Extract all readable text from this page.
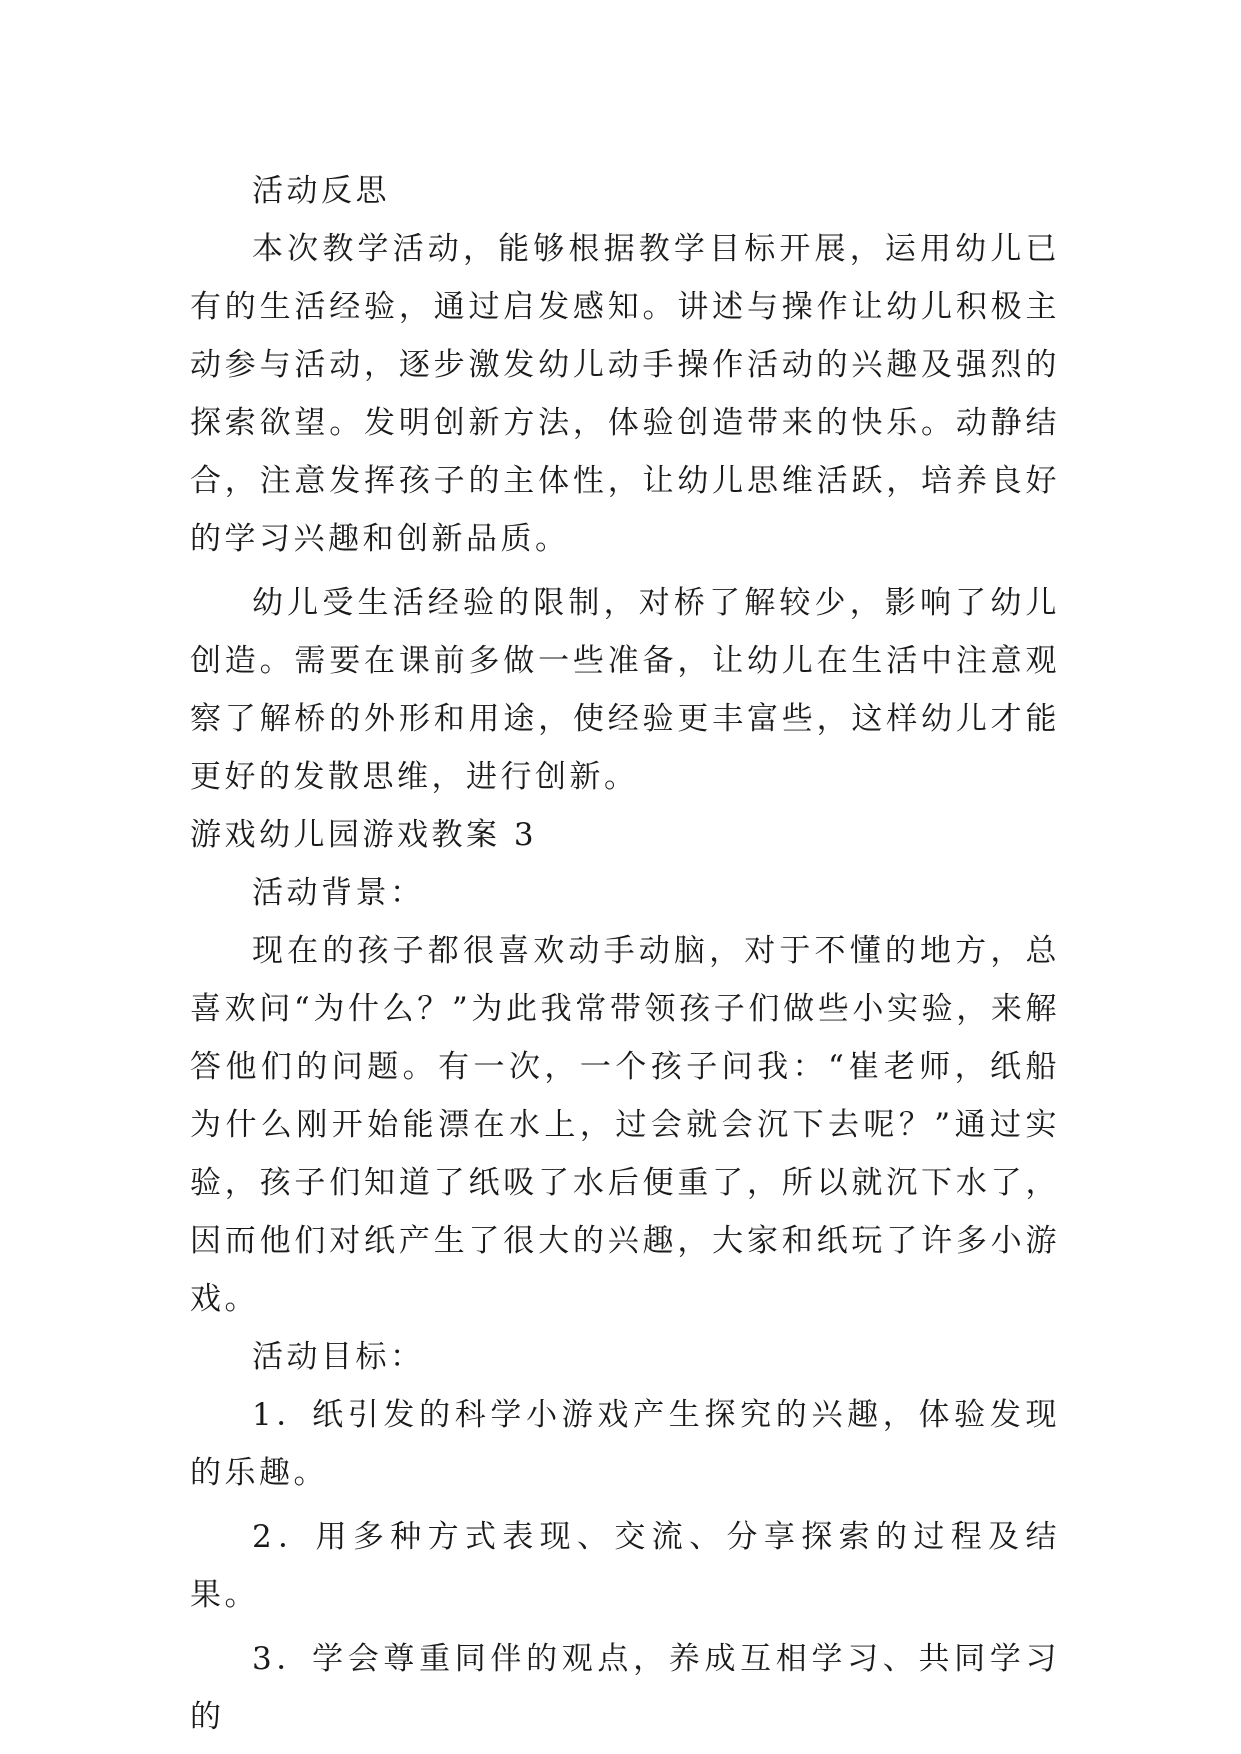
活动反思

本次教学活动，能够根据教学目标开展，运用幼儿已有的生活经验，通过启发感知。讲述与操作让幼儿积极主动参与活动，逐步激发幼儿动手操作活动的兴趣及强烈的探索欲望。发明创新方法，体验创造带来的快乐。动静结合，注意发挥孩子的主体性，让幼儿思维活跃，培养良好的学习兴趣和创新品质。

幼儿受生活经验的限制，对桥了解较少，影响了幼儿创造。需要在课前多做一些准备，让幼儿在生活中注意观察了解桥的外形和用途，使经验更丰富些，这样幼儿才能更好的发散思维，进行创新。

游戏幼儿园游戏教案 3

活动背景：

现在的孩子都很喜欢动手动脑，对于不懂的地方，总喜欢问“为什么？”为此我常带领孩子们做些小实验，来解答他们的问题。有一次，一个孩子问我：“崔老师，纸船为什么刚开始能漂在水上，过会就会沉下去呢？”通过实验，孩子们知道了纸吸了水后便重了，所以就沉下水了，因而他们对纸产生了很大的兴趣，大家和纸玩了许多小游戏。

活动目标：

1．纸引发的科学小游戏产生探究的兴趣，体验发现的乐趣。

2．用多种方式表现、交流、分享探索的过程及结果。

3．学会尊重同伴的观点，养成互相学习、共同学习的
